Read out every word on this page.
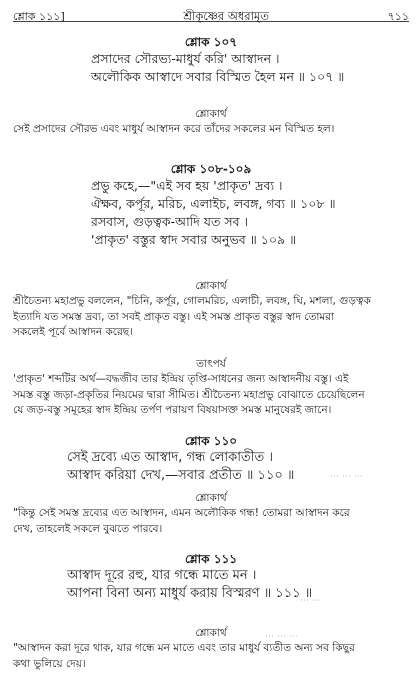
শ্লোক ১১১]	শ্রীকৃষ্ণের অধরামৃত	৭১১
শ্লোক ১০৭
প্রসাদের সৌরভ্য-মাধুর্য করি' আস্বাদন ।
অলৌকিক আস্বাদে সবার বিস্মিত হৈল মন ॥ ১০৭ ॥
শ্লোকার্থ
সেই প্রসাদের সৌরভ এবং মাধুর্য আস্বাদন করে তাঁদের সকলের মন বিস্মিত হল।
শ্লোক ১০৮-১০৯
প্রভু কহে,—"এই সব হয় 'প্রাকৃত' দ্রব্য ।
ঐক্ষব, কর্পূর, মরিচ, এলাইচ, লবঙ্গ, গব্য ॥ ১০৮ ॥
রসবাস, গুড়ত্বক-আদি যত সব ।
'প্রাকৃত' বস্তুর স্বাদ সবার অনুভব ॥ ১০৯ ॥
শ্লোকার্থ
শ্রীচৈতন্য মহাপ্রভু বললেন, "চিনি, কর্পূর, গোলমরিচ, এলাচী, লবঙ্গ, ঘি, মশলা, গুড়ত্বক
ইত্যাদি যত সমস্ত দ্রব্য, তা সবই প্রাকৃত বস্তু। এই সমস্ত প্রাকৃত বস্তুর স্বাদ তোমরা
সকলেই পূর্বে আস্বাদন করেছ।
তাৎপর্য
'প্রাকৃত' শব্দটির অর্থ—বদ্ধজীব তার ইন্দ্রিয় তৃপ্তি-সাধনের জন্য আস্বাদনীয় বস্তু। এই
সমস্ত বস্তু জড়া-প্রকৃতির নিয়মের দ্বারা সীমিত। শ্রীচৈতন্য মহাপ্রভু বোঝাতে চেয়েছিলেন
যে জড়-বস্তু সমূহের স্বাদ ইন্দ্রিয় তর্পণ পরায়ণ বিষয়াসক্ত সমস্ত মানুষেরই জানে।
শ্লোক ১১০
সেই দ্রব্যে এত আস্বাদ, গন্ধ লোকাতীত ।
আস্বাদ করিয়া দেখ,—সবার প্রতীত ॥ ১১০ ॥
শ্লোকার্থ
"কিন্তু সেই সমস্ত দ্রব্যের এত আস্বাদন, এমন অলৌকিক গন্ধ! তোমরা আস্বাদন করে
দেখ, তাহলেই সকলে বুঝতে পারবে।
শ্লোক ১১১
আস্বাদ দূরে রহু, যার গন্ধে মাতে মন ।
আপনা বিনা অন্য মাধুর্য করায় বিস্মরণ ॥ ১১১ ॥
শ্লোকার্থ
"আস্বাদন করা দূরে থাক, যার গন্ধে মন মাতে এবং তার মাধুর্য ব্যতীত অন্য সব কিছুর
কথা ভুলিয়ে দেয়।
⋯ ⋯ ⋯
⋯ ⋯
⋯ ⋯ ⋯
